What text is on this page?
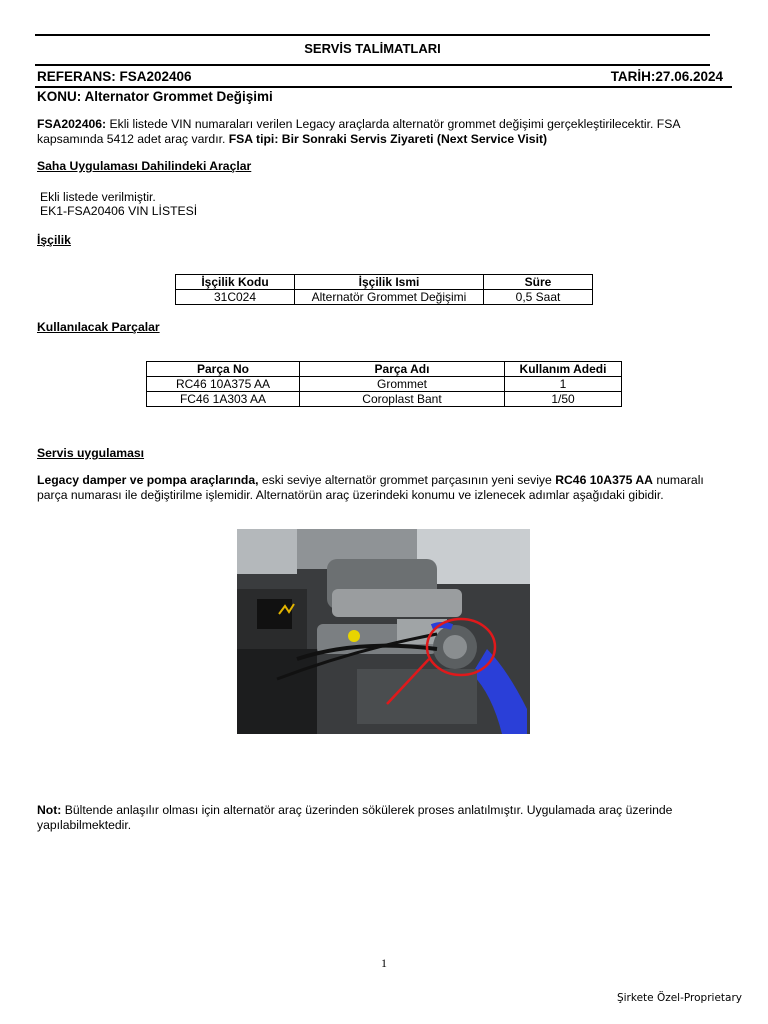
SERVİS TALİMATLARI
REFERANS: FSA202406	TARİH:27.06.2024
KONU: Alternator Grommet Değişimi
FSA202406: Ekli listede VIN numaraları verilen Legacy araçlarda alternatör grommet değişimi gerçekleştirilecektir. FSA kapsamında 5412 adet araç vardır. FSA tipi: Bir Sonraki Servis Ziyareti (Next Service Visit)
Saha Uygulaması Dahilindeki Araçlar
Ekli listede verilmiştir.
EK1-FSA20406 VIN LİSTESİ
İşçilik
İşçilik Kodu	İşçilik Ismi	Süre
31C024	Alternatör Grommet Değişimi	0,5 Saat
Kullanılacak Parçalar
Parça No	Parça Adı	Kullanım Adedi
RC46 10A375 AA	Grommet	1
FC46 1A303 AA	Coroplast Bant	1/50
Servis uygulaması
Legacy damper ve pompa araçlarında, eski seviye alternatör grommet parçasının yeni seviye RC46 10A375 AA numaralı parça numarası ile değiştirilme işlemidir. Alternatörün araç üzerindeki konumu ve izlenecek adımlar aşağıdaki gibidir.
Not: Bültende anlaşılır olması için alternatör araç üzerinden sökülerek proses anlatılmıştır. Uygulamada araç üzerinde yapılabilmektedir.
1
Şirkete Özel-Proprietary
